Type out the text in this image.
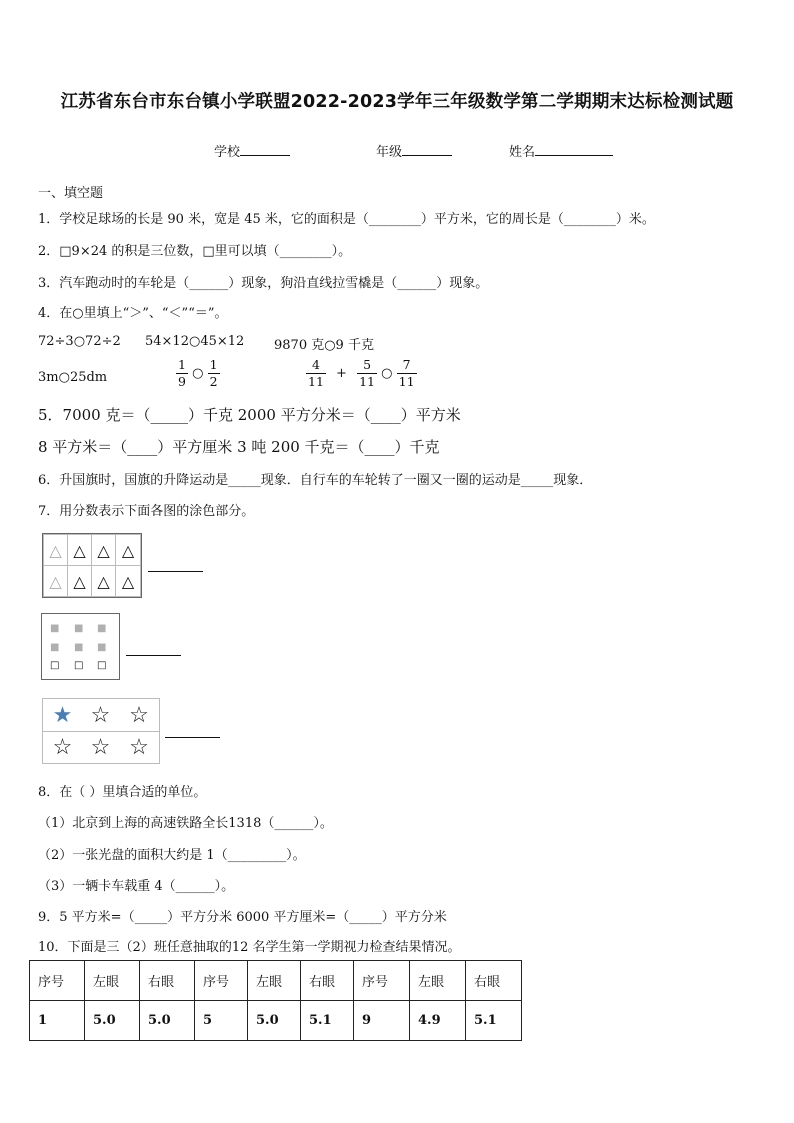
江苏省东台市东台镇小学联盟2022-2023学年三年级数学第二学期期末达标检测试题
学校	年级	姓名
一、填空题
1．学校足球场的长是 90 米，宽是 45 米，它的面积是（________）平方米，它的周长是（________）米。
2．□9×24 的积是三位数，□里可以填（________）。
3．汽车跑动时的车轮是（______）现象，狗沿直线拉雪橇是（______）现象。
4．在○里填上“＞”、“＜”“＝”。
72÷3○72÷2 54×12○45×12 9870 克○9 千克
3m○25dm	$\frac{1}{9}$ ○ $\frac{1}{2}$	$\frac{4}{11} + \frac{5}{11}$ ○ $\frac{7}{11}$
5．7000 克＝（_____）千克 2000 平方分米＝（____）平方米
8 平方米＝（____）平方厘米 3 吨 200 千克＝（____）千克
6．升国旗时，国旗的升降运动是_____现象．自行车的车轮转了一圈又一圈的运动是_____现象．
7．用分数表示下面各图的涂色部分。
△ △ △ △
△ △ △ △
■ ■ ■
■ ■ ■
□ □ □
★ ☆ ☆
☆ ☆ ☆
8．在（ ）里填合适的单位。
（1）北京到上海的高速铁路全长1318（______）。
（2）一张光盘的面积大约是 1（_________）。
（3）一辆卡车载重 4（______）。
9．5 平方米=（_____）平方分米 6000 平方厘米=（_____）平方分米
10．下面是三（2）班任意抽取的12 名学生第一学期视力检查结果情况。
序号	左眼	右眼	序号	左眼	右眼	序号	左眼	右眼
1	5.0	5.0	5	5.0	5.1	9	4.9	5.1
